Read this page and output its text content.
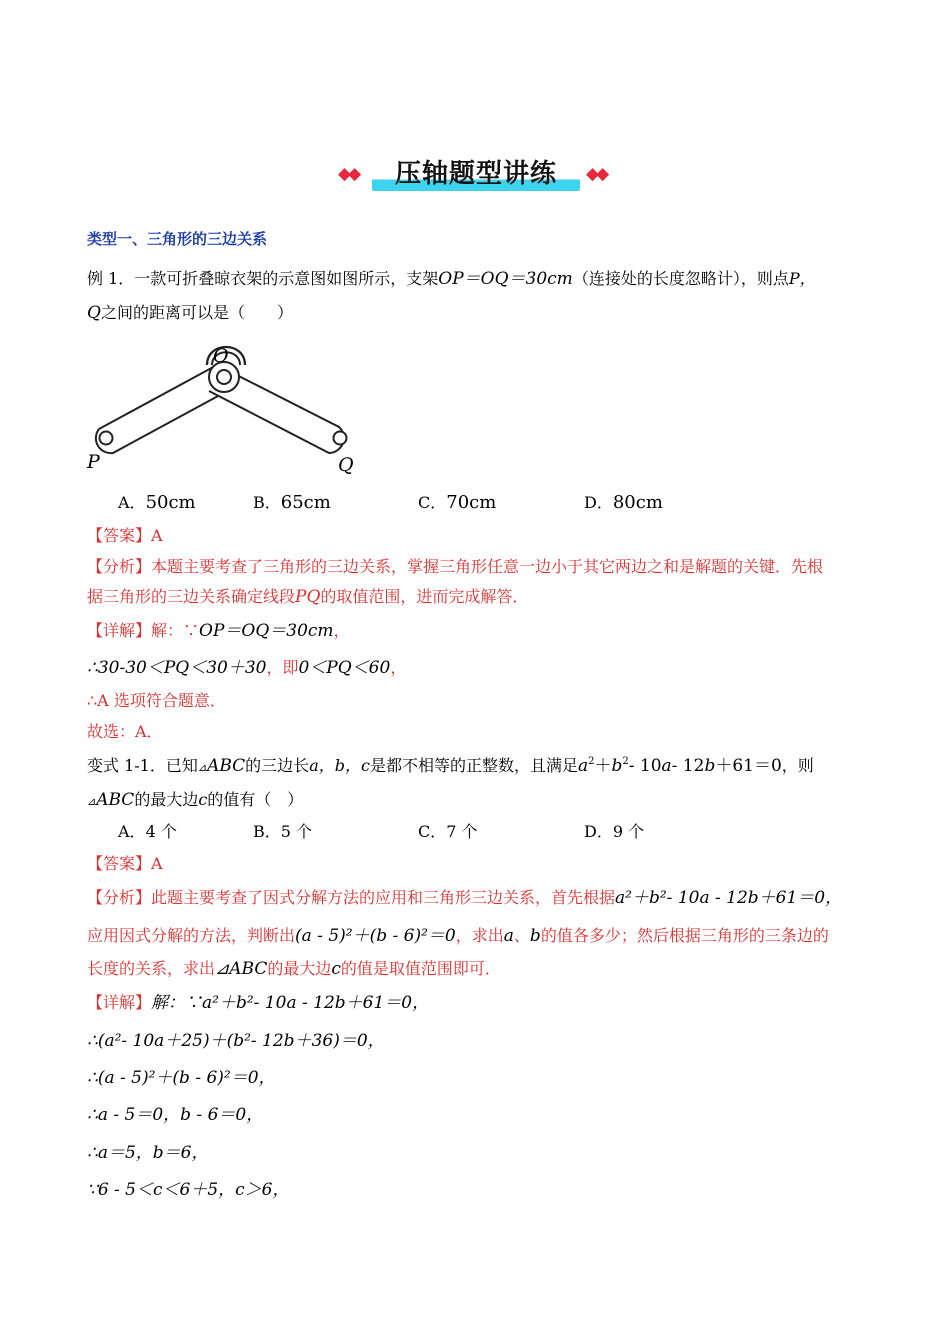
◆◆	压轴题型讲练	◆◆
类型一、三角形的三边关系
例 1．一款可折叠晾衣架的示意图如图所示，支架OP＝OQ＝30cm（连接处的长度忽略计），则点P，
Q之间的距离可以是（　　）
O
P	Q
A．50cm	B．65cm	C．70cm	D．80cm
【答案】A
【分析】本题主要考查了三角形的三边关系，掌握三角形任意一边小于其它两边之和是解题的关键．先根
据三角形的三边关系确定线段PQ的取值范围，进而完成解答．
【详解】解：∵OP＝OQ＝30cm，
∴30-30＜PQ＜30＋30，即0＜PQ＜60，
∴A 选项符合题意．
故选：A．
变式 1-1．已知⊿ABC的三边长a，b，c是都不相等的正整数，且满足$a^2+b^2-$ 10a- 12b＋61＝0，则
⊿ABC的最大边c的值有（　）
A．4 个	B．5 个	C．7 个	D．9 个
【答案】A
【分析】此题主要考查了因式分解方法的应用和三角形三边关系，首先根据a²＋b²- 10a - 12b＋61＝0，
应用因式分解的方法，判断出(a - 5)²＋(b - 6)²＝0，求出a、b的值各多少；然后根据三角形的三条边的
长度的关系，求出⊿ABC的最大边c的值是取值范围即可．
【详解】解：∵a²＋b²- 10a - 12b＋61＝0，
∴(a²- 10a＋25)＋(b²- 12b＋36)＝0，
∴(a - 5)²＋(b - 6)²＝0，
∴a - 5＝0，b - 6＝0，
∴a＝5，b＝6，
∵6 - 5＜c＜6＋5，c＞6，
